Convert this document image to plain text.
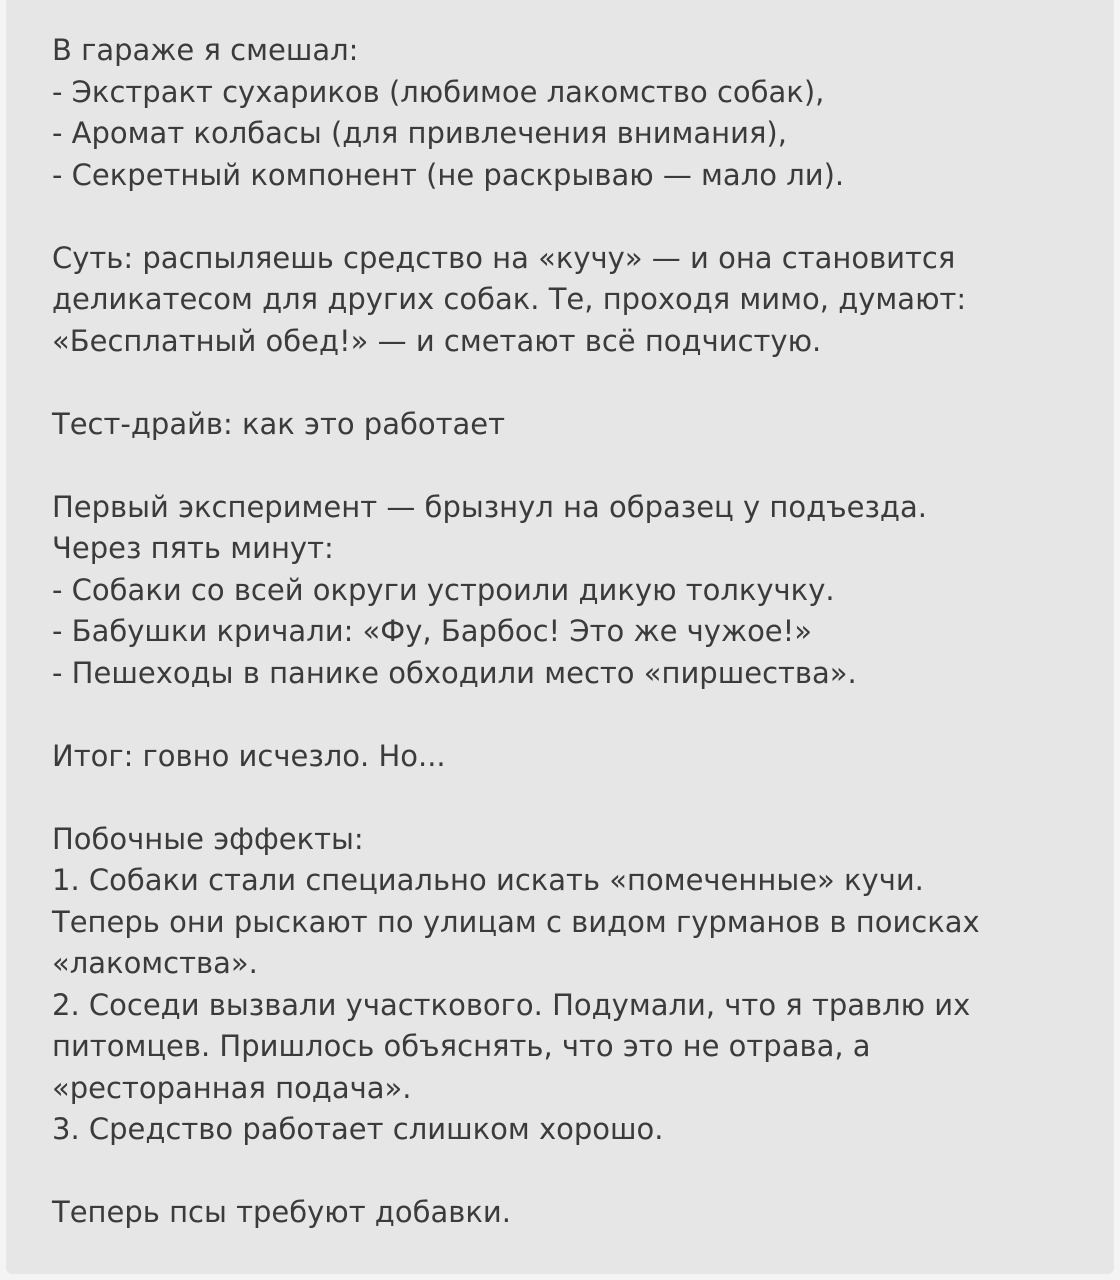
В гараже я смешал:
- Экстракт сухариков (любимое лакомство собак),
- Аромат колбасы (для привлечения внимания),
- Секретный компонент (не раскрываю — мало ли).
Суть: распыляешь средство на «кучу» — и она становится
деликатесом для других собак. Те, проходя мимо, думают:
«Бесплатный обед!» — и сметают всё подчистую.
Тест-драйв: как это работает
Первый эксперимент — брызнул на образец у подъезда.
Через пять минут:
- Собаки со всей округи устроили дикую толкучку.
- Бабушки кричали: «Фу, Барбос! Это же чужое!»
- Пешеходы в панике обходили место «пиршества».
Итог: говно исчезло. Но...
Побочные эффекты:
1. Собаки стали специально искать «помеченные» кучи.
Теперь они рыскают по улицам с видом гурманов в поисках
«лакомства».
2. Соседи вызвали участкового. Подумали, что я травлю их
питомцев. Пришлось объяснять, что это не отрава, а
«ресторанная подача».
3. Средство работает слишком хорошо.
Теперь псы требуют добавки.
